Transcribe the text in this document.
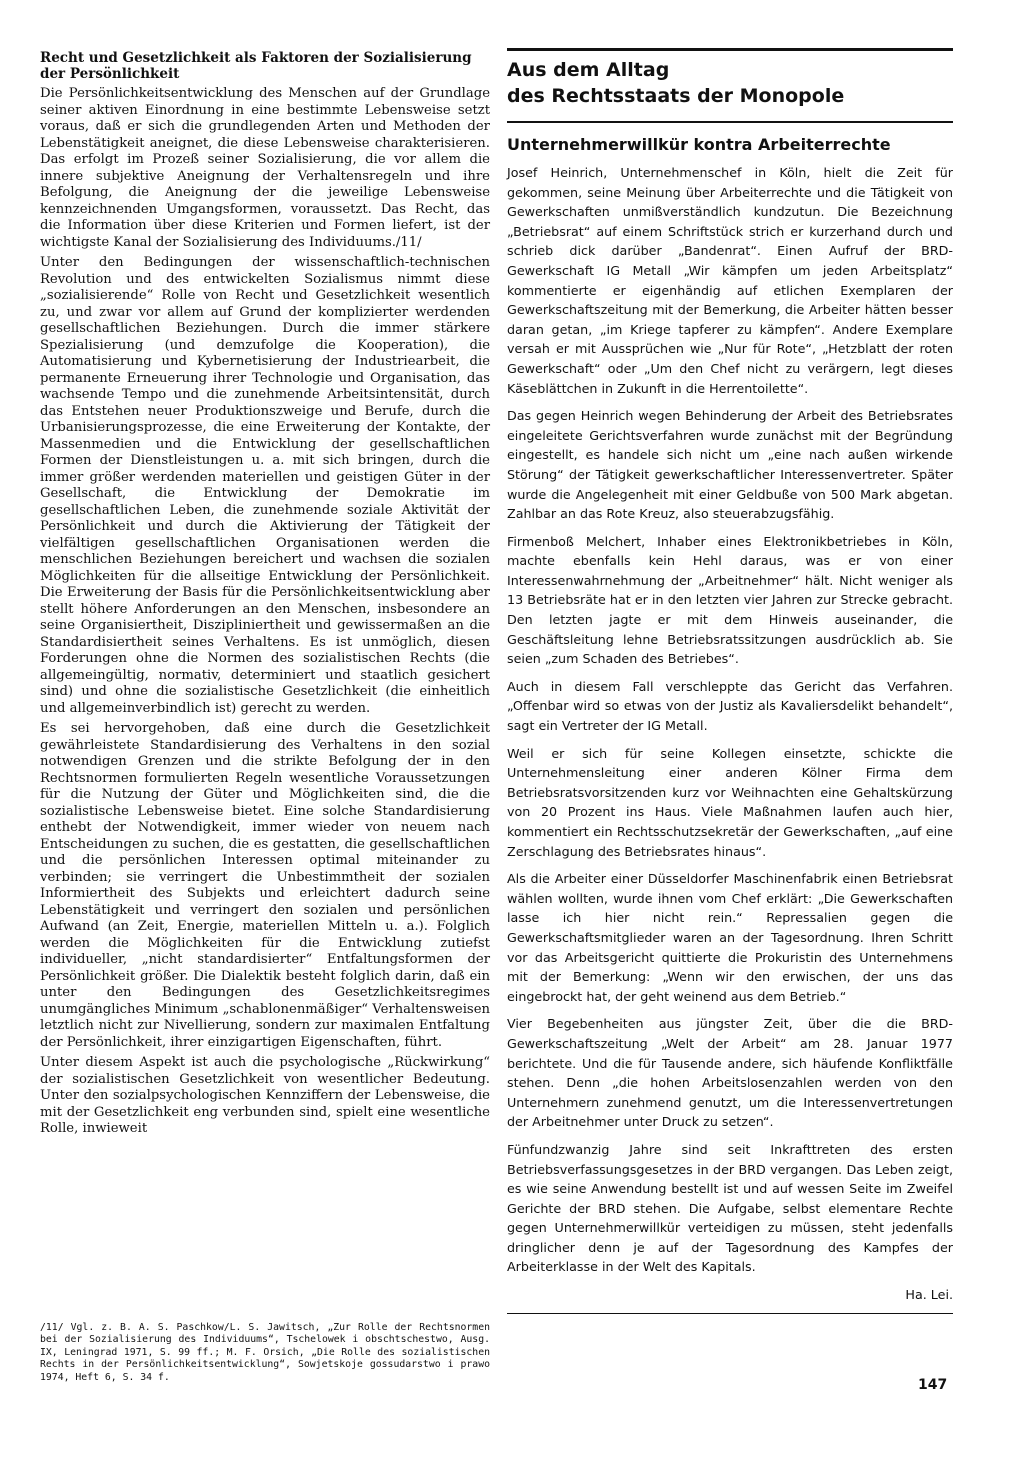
Recht und Gesetzlichkeit als Faktoren der Sozialisierung der Persönlichkeit

Die Persönlichkeitsentwicklung des Menschen auf der Grundlage seiner aktiven Einordnung in eine bestimmte Lebensweise setzt voraus, daß er sich die grundlegenden Arten und Methoden der Lebenstätigkeit aneignet, die diese Lebensweise charakterisieren. Das erfolgt im Prozeß seiner Sozialisierung, die vor allem die innere subjektive Aneignung der Verhaltensregeln und ihre Befolgung, die Aneignung der die jeweilige Lebensweise kennzeichnenden Umgangsformen, voraussetzt. Das Recht, das die Information über diese Kriterien und Formen liefert, ist der wichtigste Kanal der Sozialisierung des Individuums./11/

Unter den Bedingungen der wissenschaftlich-technischen Revolution und des entwickelten Sozialismus nimmt diese „sozialisierende“ Rolle von Recht und Gesetzlichkeit wesentlich zu, und zwar vor allem auf Grund der komplizierter werdenden gesellschaftlichen Beziehungen. Durch die immer stärkere Spezialisierung (und demzufolge die Kooperation), die Automatisierung und Kybernetisierung der Industriearbeit, die permanente Erneuerung ihrer Technologie und Organisation, das wachsende Tempo und die zunehmende Arbeitsintensität, durch das Entstehen neuer Produktionszweige und Berufe, durch die Urbanisierungsprozesse, die eine Erweiterung der Kontakte, der Massenmedien und die Entwicklung der gesellschaftlichen Formen der Dienstleistungen u. a. mit sich bringen, durch die immer größer werdenden materiellen und geistigen Güter in der Gesellschaft, die Entwicklung der Demokratie im gesellschaftlichen Leben, die zunehmende soziale Aktivität der Persönlichkeit und durch die Aktivierung der Tätigkeit der vielfältigen gesellschaftlichen Organisationen werden die menschlichen Beziehungen bereichert und wachsen die sozialen Möglichkeiten für die allseitige Entwicklung der Persönlichkeit. Die Erweiterung der Basis für die Persönlichkeitsentwicklung aber stellt höhere Anforderungen an den Menschen, insbesondere an seine Organisiertheit, Diszipliniertheit und gewissermaßen an die Standardisiertheit seines Verhaltens. Es ist unmöglich, diesen Forderungen ohne die Normen des sozialistischen Rechts (die allgemeingültig, normativ, determiniert und staatlich gesichert sind) und ohne die sozialistische Gesetzlichkeit (die einheitlich und allgemeinverbindlich ist) gerecht zu werden.

Es sei hervorgehoben, daß eine durch die Gesetzlichkeit gewährleistete Standardisierung des Verhaltens in den sozial notwendigen Grenzen und die strikte Befolgung der in den Rechtsnormen formulierten Regeln wesentliche Voraussetzungen für die Nutzung der Güter und Möglichkeiten sind, die die sozialistische Lebensweise bietet. Eine solche Standardisierung enthebt der Notwendigkeit, immer wieder von neuem nach Entscheidungen zu suchen, die es gestatten, die gesellschaftlichen und die persönlichen Interessen optimal miteinander zu verbinden; sie verringert die Unbestimmtheit der sozialen Informiertheit des Subjekts und erleichtert dadurch seine Lebenstätigkeit und verringert den sozialen und persönlichen Aufwand (an Zeit, Energie, materiellen Mitteln u. a.). Folglich werden die Möglichkeiten für die Entwicklung zutiefst individueller, „nicht standardisierter“ Entfaltungsformen der Persönlichkeit größer. Die Dialektik besteht folglich darin, daß ein unter den Bedingungen des Gesetzlichkeitsregimes unumgängliches Minimum „schablonenmäßiger“ Verhaltensweisen letztlich nicht zur Nivellierung, sondern zur maximalen Entfaltung der Persönlichkeit, ihrer einzigartigen Eigenschaften, führt.

Unter diesem Aspekt ist auch die psychologische „Rückwirkung“ der sozialistischen Gesetzlichkeit von wesentlicher Bedeutung. Unter den sozialpsychologischen Kennziffern der Lebensweise, die mit der Gesetzlichkeit eng verbunden sind, spielt eine wesentliche Rolle, inwieweit

/11/ Vgl. z. B. A. S. Paschkow/L. S. Jawitsch, „Zur Rolle der Rechtsnormen bei der Sozialisierung des Individuums“, Tschelowek i obschtschestwo, Ausg. IX, Leningrad 1971, S. 99 ff.; M. F. Orsich, „Die Rolle des sozialistischen Rechts in der Persönlichkeitsentwicklung“, Sowjetskoje gossudarstwo i prawo 1974, Heft 6, S. 34 f.
Aus dem Alltag
des Rechtsstaats der Monopole
Unternehmerwillkür kontra Arbeiterrechte

Josef Heinrich, Unternehmenschef in Köln, hielt die Zeit für gekommen, seine Meinung über Arbeiterrechte und die Tätigkeit von Gewerkschaften unmißverständlich kundzutun. Die Bezeichnung „Betriebsrat“ auf einem Schriftstück strich er kurzerhand durch und schrieb dick darüber „Bandenrat“. Einen Aufruf der BRD-Gewerkschaft IG Metall „Wir kämpfen um jeden Arbeitsplatz“ kommentierte er eigenhändig auf etlichen Exemplaren der Gewerkschaftszeitung mit der Bemerkung, die Arbeiter hätten besser daran getan, „im Kriege tapferer zu kämpfen“. Andere Exemplare versah er mit Aussprüchen wie „Nur für Rote“, „Hetzblatt der roten Gewerkschaft“ oder „Um den Chef nicht zu verärgern, legt dieses Käseblättchen in Zukunft in die Herrentoilette“.

Das gegen Heinrich wegen Behinderung der Arbeit des Betriebsrates eingeleitete Gerichtsverfahren wurde zunächst mit der Begründung eingestellt, es handele sich nicht um „eine nach außen wirkende Störung“ der Tätigkeit gewerkschaftlicher Interessenvertreter. Später wurde die Angelegenheit mit einer Geldbuße von 500 Mark abgetan. Zahlbar an das Rote Kreuz, also steuerabzugsfähig.

Firmenboß Melchert, Inhaber eines Elektronikbetriebes in Köln, machte ebenfalls kein Hehl daraus, was er von einer Interessenwahrnehmung der „Arbeitnehmer“ hält. Nicht weniger als 13 Betriebsräte hat er in den letzten vier Jahren zur Strecke gebracht. Den letzten jagte er mit dem Hinweis auseinander, die Geschäftsleitung lehne Betriebsratssitzungen ausdrücklich ab. Sie seien „zum Schaden des Betriebes“.

Auch in diesem Fall verschleppte das Gericht das Verfahren. „Offenbar wird so etwas von der Justiz als Kavaliersdelikt behandelt“, sagt ein Vertreter der IG Metall.

Weil er sich für seine Kollegen einsetzte, schickte die Unternehmensleitung einer anderen Kölner Firma dem Betriebsratsvorsitzenden kurz vor Weihnachten eine Gehaltskürzung von 20 Prozent ins Haus. Viele Maßnahmen laufen auch hier, kommentiert ein Rechtsschutzsekretär der Gewerkschaften, „auf eine Zerschlagung des Betriebsrates hinaus“.

Als die Arbeiter einer Düsseldorfer Maschinenfabrik einen Betriebsrat wählen wollten, wurde ihnen vom Chef erklärt: „Die Gewerkschaften lasse ich hier nicht rein.“ Repressalien gegen die Gewerkschaftsmitglieder waren an der Tagesordnung. Ihren Schritt vor das Arbeitsgericht quittierte die Prokuristin des Unternehmens mit der Bemerkung: „Wenn wir den erwischen, der uns das eingebrockt hat, der geht weinend aus dem Betrieb.“

Vier Begebenheiten aus jüngster Zeit, über die die BRD-Gewerkschaftszeitung „Welt der Arbeit“ am 28. Januar 1977 berichtete. Und die für Tausende andere, sich häufende Konfliktfälle stehen. Denn „die hohen Arbeitslosenzahlen werden von den Unternehmern zunehmend genutzt, um die Interessenvertretungen der Arbeitnehmer unter Druck zu setzen“.

Fünfundzwanzig Jahre sind seit Inkrafttreten des ersten Betriebsverfassungsgesetzes in der BRD vergangen. Das Leben zeigt, es wie seine Anwendung bestellt ist und auf wessen Seite im Zweifel Gerichte der BRD stehen. Die Aufgabe, selbst elementare Rechte gegen Unternehmerwillkür verteidigen zu müssen, steht jedenfalls dringlicher denn je auf der Tagesordnung des Kampfes der Arbeiterklasse in der Welt des Kapitals.

Ha. Lei.

147
